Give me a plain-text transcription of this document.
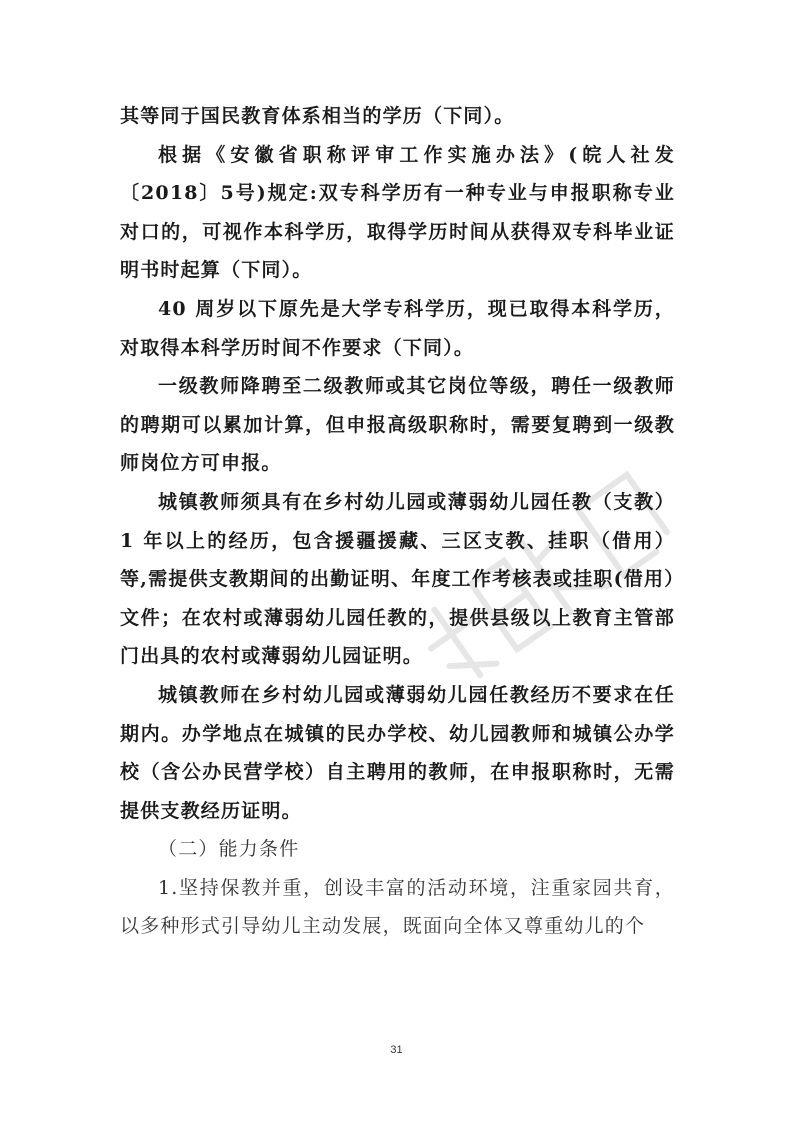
其等同于国民教育体系相当的学历（下同）。

根据《安徽省职称评审工作实施办法》(皖人社发〔2018〕5号)规定:双专科学历有一种专业与申报职称专业对口的，可视作本科学历，取得学历时间从获得双专科毕业证明书时起算（下同）。

40 周岁以下原先是大学专科学历，现已取得本科学历，对取得本科学历时间不作要求（下同）。

一级教师降聘至二级教师或其它岗位等级，聘任一级教师的聘期可以累加计算，但申报高级职称时，需要复聘到一级教师岗位方可申报。

城镇教师须具有在乡村幼儿园或薄弱幼儿园任教（支教）1 年以上的经历，包含援疆援藏、三区支教、挂职（借用）等,需提供支教期间的出勤证明、年度工作考核表或挂职(借用）文件；在农村或薄弱幼儿园任教的，提供县级以上教育主管部门出具的农村或薄弱幼儿园证明。

城镇教师在乡村幼儿园或薄弱幼儿园任教经历不要求在任期内。办学地点在城镇的民办学校、幼儿园教师和城镇公办学校（含公办民营学校）自主聘用的教师，在申报职称时，无需提供支教经历证明。

（二）能力条件

1.坚持保教并重，创设丰富的活动环境，注重家园共育，以多种形式引导幼儿主动发展，既面向全体又尊重幼儿的个

31
